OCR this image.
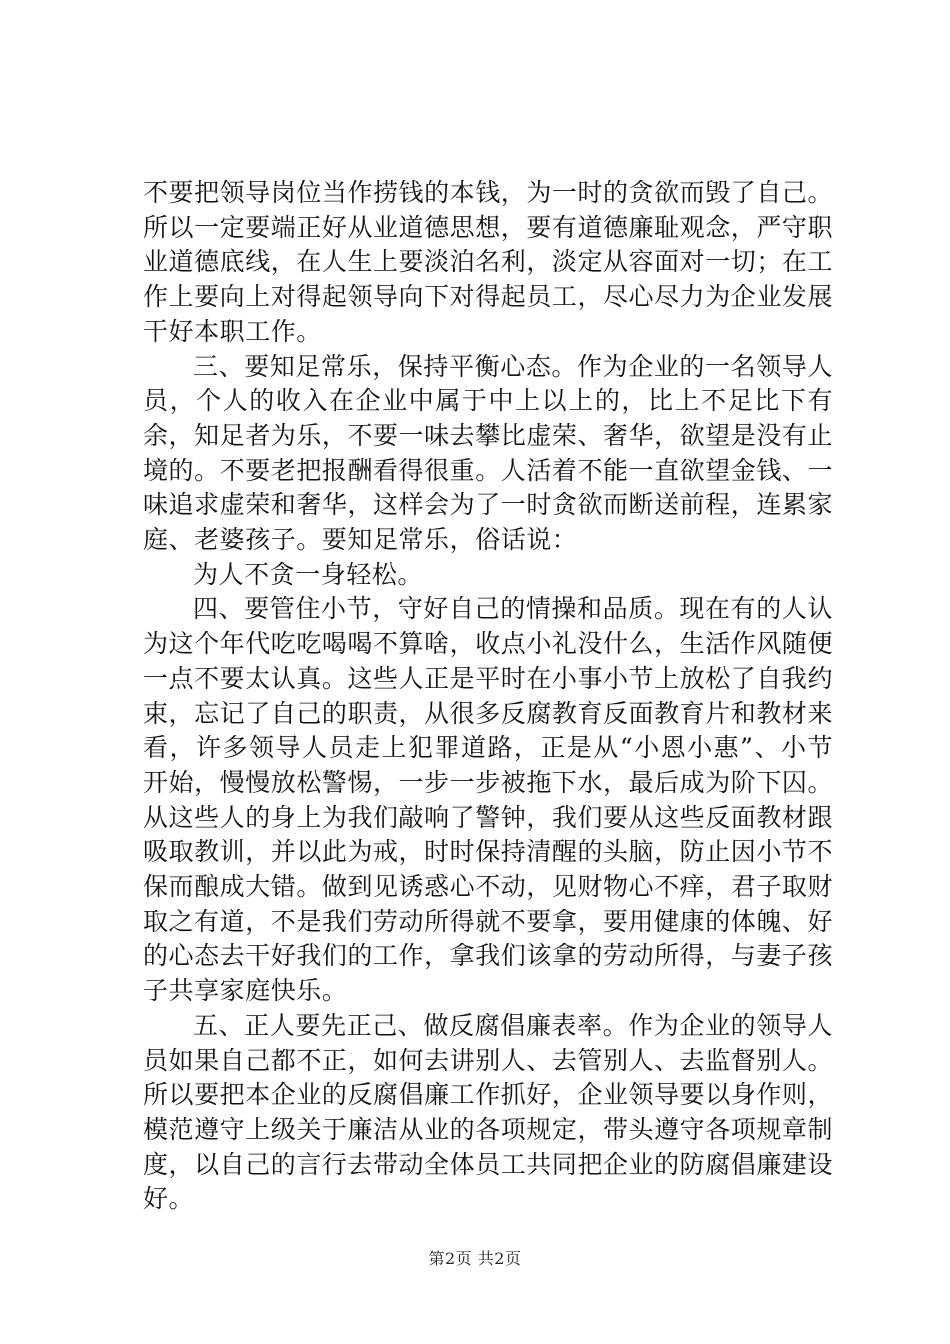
不要把领导岗位当作捞钱的本钱，为一时的贪欲而毁了自己。所以一定要端正好从业道德思想，要有道德廉耻观念，严守职业道德底线，在人生上要淡泊名利，淡定从容面对一切；在工作上要向上对得起领导向下对得起员工，尽心尽力为企业发展干好本职工作。

三、要知足常乐，保持平衡心态。作为企业的一名领导人员，个人的收入在企业中属于中上以上的，比上不足比下有余，知足者为乐，不要一味去攀比虚荣、奢华，欲望是没有止境的。不要老把报酬看得很重。人活着不能一直欲望金钱、一味追求虚荣和奢华，这样会为了一时贪欲而断送前程，连累家庭、老婆孩子。要知足常乐，俗话说：

为人不贪一身轻松。

四、要管住小节，守好自己的情操和品质。现在有的人认为这个年代吃吃喝喝不算啥，收点小礼没什么，生活作风随便一点不要太认真。这些人正是平时在小事小节上放松了自我约束，忘记了自己的职责，从很多反腐教育反面教育片和教材来看，许多领导人员走上犯罪道路，正是从“小恩小惠”、小节开始，慢慢放松警惕，一步一步被拖下水，最后成为阶下囚。从这些人的身上为我们敲响了警钟，我们要从这些反面教材跟吸取教训，并以此为戒，时时保持清醒的头脑，防止因小节不保而酿成大错。做到见诱惑心不动，见财物心不痒，君子取财取之有道，不是我们劳动所得就不要拿，要用健康的体魄、好的心态去干好我们的工作，拿我们该拿的劳动所得，与妻子孩子共享家庭快乐。

五、正人要先正己、做反腐倡廉表率。作为企业的领导人员如果自己都不正，如何去讲别人、去管别人、去监督别人。所以要把本企业的反腐倡廉工作抓好，企业领导要以身作则，模范遵守上级关于廉洁从业的各项规定，带头遵守各项规章制度，以自己的言行去带动全体员工共同把企业的防腐倡廉建设好。

第2页 共2页
